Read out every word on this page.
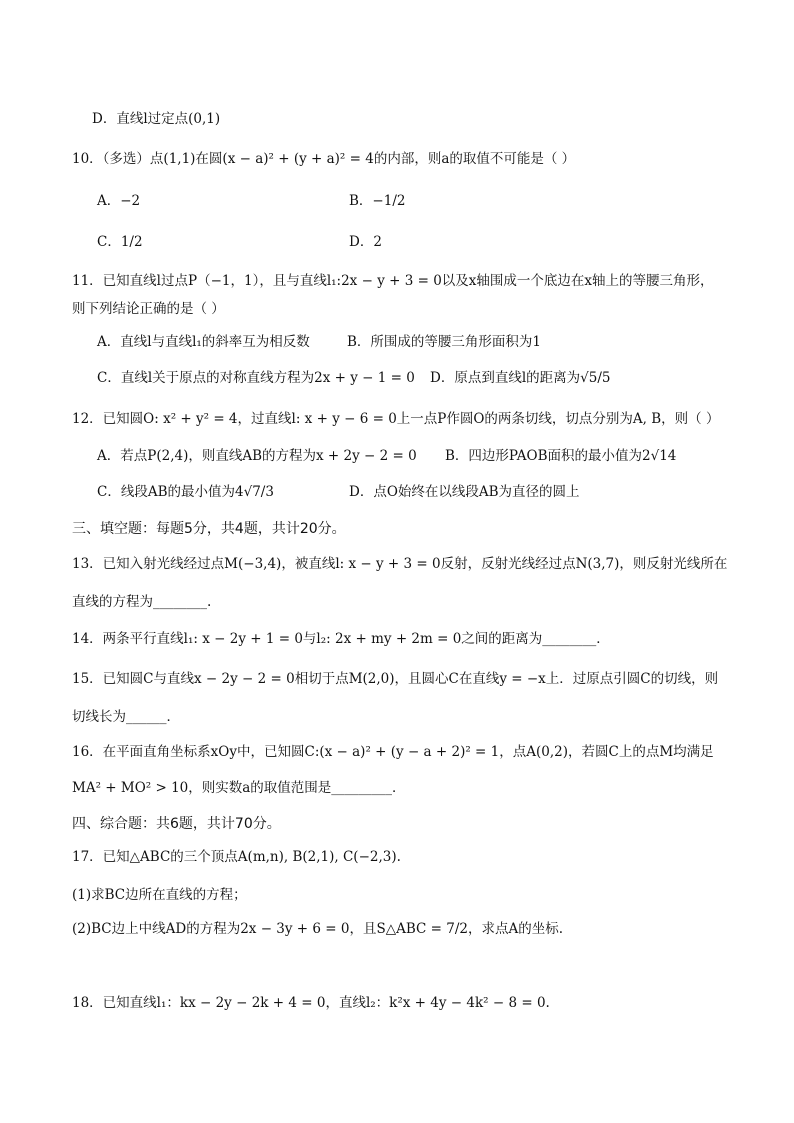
D．直线l过定点(0,1)
10．（多选）点(1,1)在圆(x − a)² + (y + a)² = 4的内部，则a的取值不可能是（ ）
A．−2	B．−1/2
C．1/2	D．2
11．已知直线l过点P（−1，1），且与直线l₁:2x − y + 3 = 0以及x轴围成一个底边在x轴上的等腰三角形，
则下列结论正确的是（ ）
A．直线l与直线l₁的斜率互为相反数	B．所围成的等腰三角形面积为1
C．直线l关于原点的对称直线方程为2x + y − 1 = 0 D．原点到直线l的距离为√5/5
12．已知圆O: x² + y² = 4，过直线l: x + y − 6 = 0上一点P作圆O的两条切线，切点分别为A, B，则（ ）
A．若点P(2,4)，则直线AB的方程为x + 2y − 2 = 0 B．四边形PAOB面积的最小值为2√14
C．线段AB的最小值为4√7/3	D．点O始终在以线段AB为直径的圆上
三、填空题：每题5分，共4题，共计20分。
13．已知入射光线经过点M(−3,4)，被直线l: x − y + 3 = 0反射，反射光线经过点N(3,7)，则反射光线所在
直线的方程为________.
14．两条平行直线l₁: x − 2y + 1 = 0与l₂: 2x + my + 2m = 0之间的距离为________．
15．已知圆C与直线x − 2y − 2 = 0相切于点M(2,0)，且圆心C在直线y = −x上．过原点引圆C的切线，则
切线长为______．
16．在平面直角坐标系xOy中，已知圆C:(x − a)² + (y − a + 2)² = 1，点A(0,2)，若圆C上的点M均满足
MA² + MO² > 10，则实数a的取值范围是_________．
四、综合题：共6题，共计70分。
17．已知△ABC的三个顶点A(m,n), B(2,1), C(−2,3).
(1)求BC边所在直线的方程；
(2)BC边上中线AD的方程为2x − 3y + 6 = 0，且S△ABC = 7/2，求点A的坐标.
18．已知直线l₁：kx − 2y − 2k + 4 = 0，直线l₂：k²x + 4y − 4k² − 8 = 0.
